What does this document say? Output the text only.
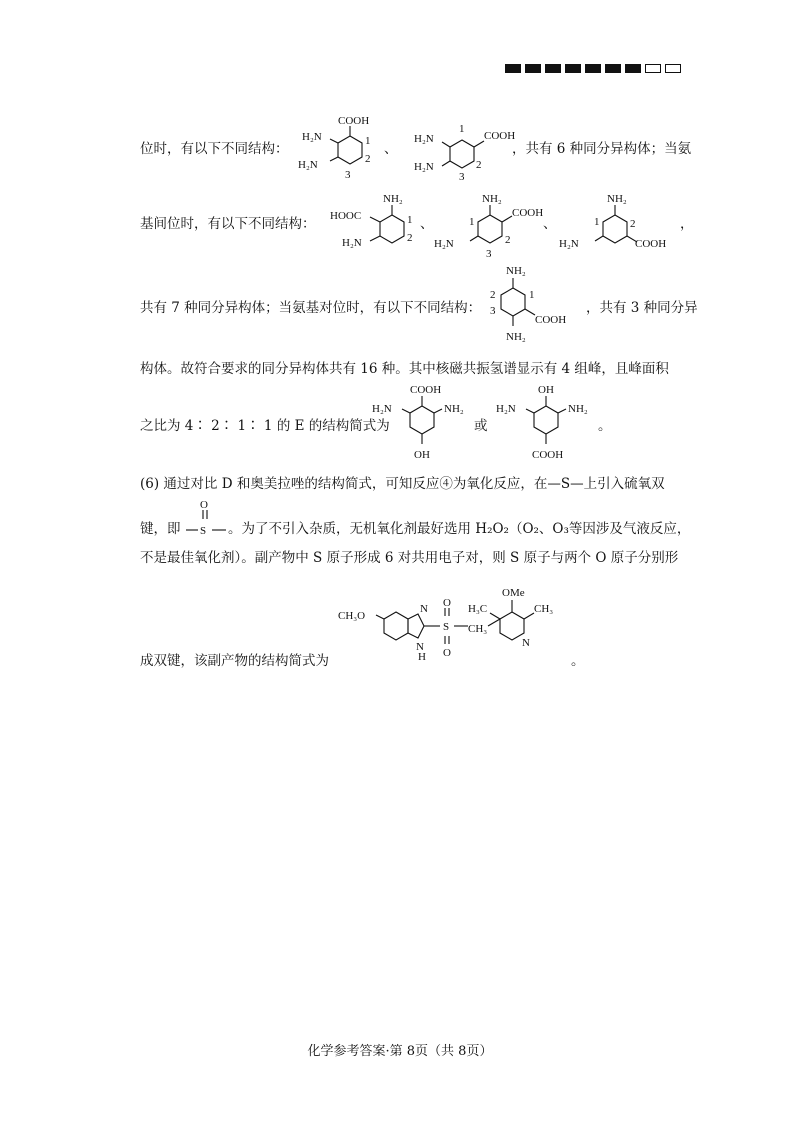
位时，有以下不同结构：
COOH
H₂N
H₂N
1
2
3
、
COOH
H₂N
H₂N
1
2
3
，共有 6 种同分异构体；当氨
基间位时，有以下不同结构：
NH₂
HOOC
H₂N
1
2
、
NH₂
COOH
H₂N
1
2
3
、
NH₂
COOH
H₂N
1	2	，
共有 7 种同分异构体；当氨基对位时，有以下不同结构：
NH₂
NH₂
COOH
2
3
1
，共有 3 种同分异
构体。故符合要求的同分异构体共有 16 种。其中核磁共振氢谱显示有 4 组峰，且峰面积
之比为 4∶ 2∶ 1∶ 1 的 E 的结构简式为
COOH
H₂N	NH₂
OH
或
OH
H₂N	NH₂
COOH
。
(6) 通过对比 D 和奥美拉唑的结构简式，可知反应④为氧化反应，在—S—上引入硫氧双
键，即 S
O
。为了不引入杂质，无机氧化剂最好选用 H₂O₂（O₂、O₃等因涉及气液反应，
不是最佳氧化剂）。副产物中 S 原子形成 6 对共用电子对，则 S 原子与两个 O 原子分别形
成双键，该副产物的结构简式为
CH₃O
N
N
H
S
O
O
CH₃
OMe
H₃C	CH₃
N
。
化学参考答案·第 8页（共 8页）
